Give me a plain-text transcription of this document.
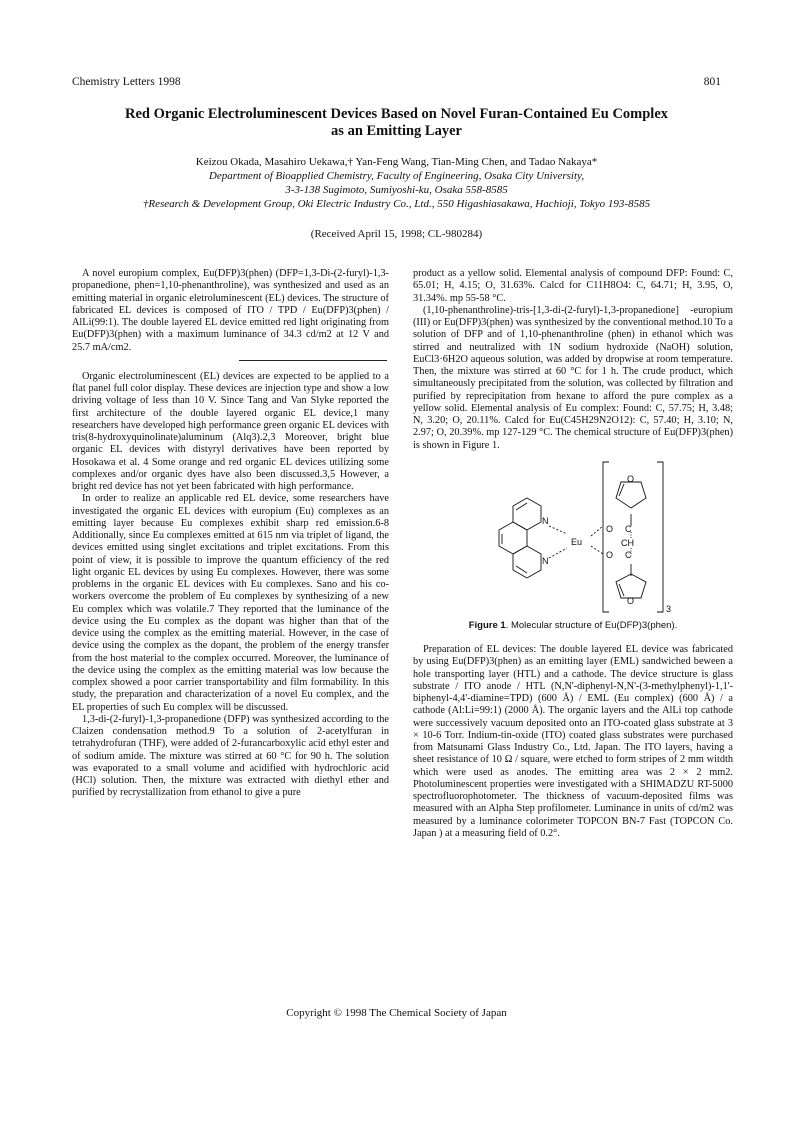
Chemistry Letters 1998	801
Red Organic Electroluminescent Devices Based on Novel Furan-Contained Eu Complex
as an Emitting Layer
Keizou Okada, Masahiro Uekawa,† Yan-Feng Wang, Tian-Ming Chen, and Tadao Nakaya*
Department of Bioapplied Chemistry, Faculty of Engineering, Osaka City University,
3-3-138 Sugimoto, Sumiyoshi-ku, Osaka 558-8585
†Research & Development Group, Oki Electric Industry Co., Ltd., 550 Higashiasakawa, Hachioji, Tokyo 193-8585
(Received April 15, 1998; CL-980284)

A novel europium complex, Eu(DFP)3(phen) (DFP=1,3-Di-(2-furyl)-1,3-propanedione, phen=1,10-phenanthroline), was synthesized and used as an emitting material in organic eletroluminescent (EL) devices. The structure of fabricated EL devices is composed of ITO / TPD / Eu(DFP)3(phen) / AlLi(99:1). The double layered EL device emitted red light originating from Eu(DFP)3(phen) with a maximum luminance of 34.3 cd/m2 at 12 V and 25.7 mA/cm2.

Organic electroluminescent (EL) devices are expected to be applied to a flat panel full color display. These devices are injection type and show a low driving voltage of less than 10 V. Since Tang and Van Slyke reported the first architecture of the double layered organic EL device,1 many researchers have developed high performance green organic EL devices with tris(8-hydroxyquinolinate)aluminum (Alq3).2,3 Moreover, bright blue organic EL devices with distyryl derivatives have been reported by Hosokawa et al. 4 Some orange and red organic EL devices utilizing some complexes and/or organic dyes have also been discussed.3,5 However, a bright red device has not yet been fabricated with high performance.

In order to realize an applicable red EL device, some researchers have investigated the organic EL devices with europium (Eu) complexes as an emitting layer because Eu complexes exhibit sharp red emission.6-8 Additionally, since Eu complexes emitted at 615 nm via triplet of ligand, the devices emitted using singlet excitations and triplet excitations. From this point of view, it is possible to improve the quantum efficiency of the red light organic EL devices by using Eu complexes. However, there was some problems in the organic EL devices with Eu complexes. Sano and his co-workers overcome the problem of Eu complexes by synthesizing of a new Eu complex which was volatile.7 They reported that the luminance of the device using the Eu complex as the dopant was higher than that of the device using the complex as the emitting material. However, in the case of device using the complex as the dopant, the problem of the energy transfer from the host material to the complex occurred. Moreover, the luminance of the device using the complex as the emitting material was low because the complex showed a poor carrier transportability and film formability. In this study, the preparation and characterization of a novel Eu complex, and the EL properties of such Eu complex will be discussed.

1,3-di-(2-furyl)-1,3-propanedione (DFP) was synthesized according to the Claizen condensation method.9 To a solution of 2-acetylfuran in tetrahydrofuran (THF), were added of 2-furancarboxylic acid ethyl ester and of sodium amide. The mixture was stirred at 60 °C for 90 h. The solution was evaporated to a small volume and acidified with hydrochloric acid (HCl) solution. Then, the mixture was extracted with diethyl ether and purified by recrystallization from ethanol to give a pure

product as a yellow solid. Elemental analysis of compound DFP: Found: C, 65.01; H, 4.15; O, 31.63%. Calcd for C11H8O4: C, 64.71; H, 3.95, O, 31.34%. mp 55-58 °C.

(1,10-phenanthroline)-tris-[1,3-di-(2-furyl)-1,3-propanedione] -europium (III) or Eu(DFP)3(phen) was synthesized by the conventional method.10 To a solution of DFP and of 1,10-phenanthroline (phen) in ethanol which was stirred and neutralized with 1N sodium hydroxide (NaOH) solution, EuCl3·6H2O aqueous solution, was added by dropwise at room temperature. Then, the mixture was stirred at 60 °C for 1 h. The crude product, which simultaneously precipitated from the solution, was collected by filtration and purified by reprecipitation from hexane to afford the pure complex as a yellow solid. Elemental analysis of Eu complex: Found: C, 57.75; H, 3.48; N, 3.20; O, 20.11%. Calcd for Eu(C45H29N2O12): C, 57.40; H, 3.10; N, 2.97; O, 20.39%. mp 127-129 °C. The chemical structure of Eu(DFP)3(phen) is shown in Figure 1.

N
N
Eu
O
O
O
O
C
CH
C
3

Figure 1. Molecular structure of Eu(DFP)3(phen).

Preparation of EL devices: The double layered EL device was fabricated by using Eu(DFP)3(phen) as an emitting layer (EML) sandwiched beween a hole transporting layer (HTL) and a cathode. The device structure is glass substrate / ITO anode / HTL (N,N'-diphenyl-N,N'-(3-methylphenyl)-1,1'-biphenyl-4,4'-diamine=TPD) (600 Å) / EML (Eu complex) (600 Å) / a cathode (Al:Li=99:1) (2000 Å). The organic layers and the AlLi top cathode were successively vacuum deposited onto an ITO-coated glass substrate at 3 × 10-6 Torr. Indium-tin-oxide (ITO) coated glass substrates were purchased from Matsunami Glass Industry Co., Ltd. Japan. The ITO layers, having a sheet resistance of 10 Ω / square, were etched to form stripes of 2 mm witdth which were used as anodes. The emitting area was 2 × 2 mm2. Photoluminescent properties were investigated with a SHIMADZU RT-5000 spectrofluorophotometer. The thickness of vacuum-deposited films was measured with an Alpha Step profilometer. Luminance in units of cd/m2 was measured by a luminance colorimeter TOPCON BN-7 Fast (TOPCON Co. Japan ) at a measuring field of 0.2°.

Copyright © 1998 The Chemical Society of Japan
